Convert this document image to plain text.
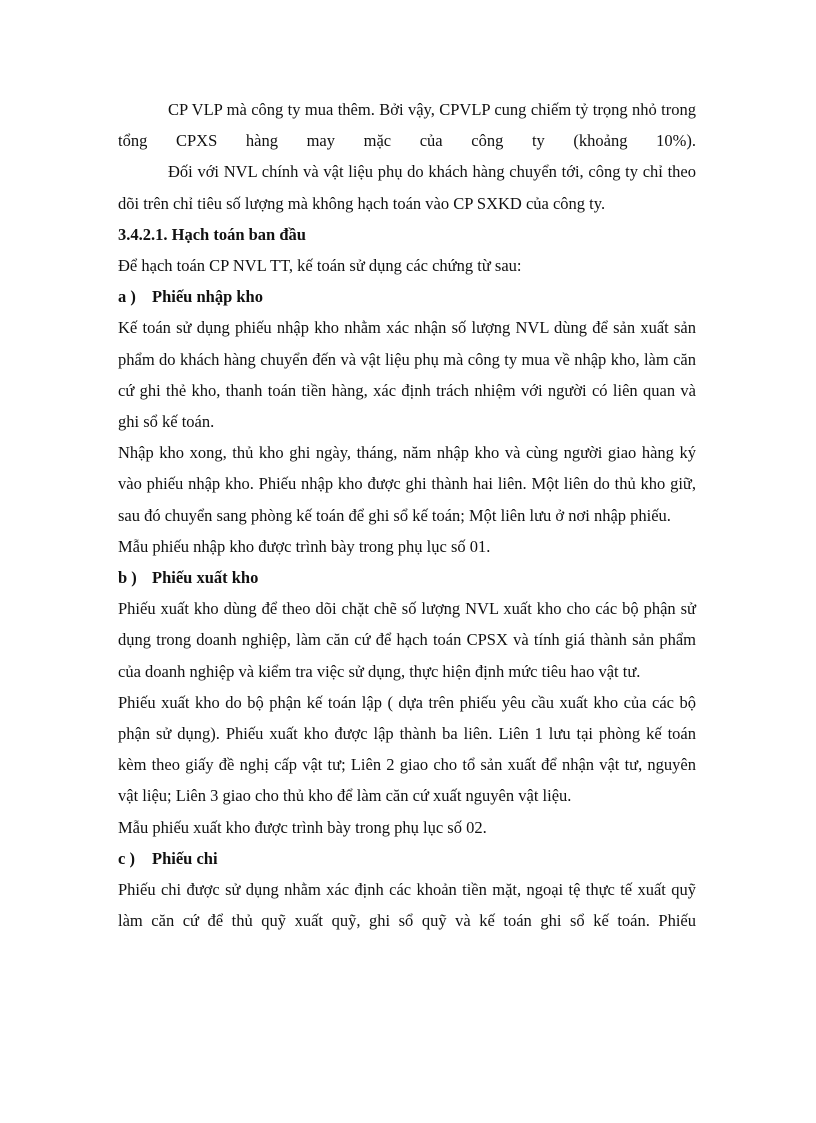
CP VLP mà công ty mua thêm. Bởi vậy, CPVLP cung chiếm tỷ trọng nhỏ trong tổng CPXS hàng may mặc của công ty (khoảng 10%).

Đối với NVL chính và vật liệu phụ do khách hàng chuyển tới, công ty chỉ theo dõi trên chỉ tiêu số lượng mà không hạch toán vào CP SXKD của công ty.

3.4.2.1. Hạch toán ban đầu

Để hạch toán CP NVL TT, kế toán sử dụng các chứng từ sau:

a ) Phiếu nhập kho

Kế toán sử dụng phiếu nhập kho nhằm xác nhận số lượng NVL dùng để sản xuất sản phẩm do khách hàng chuyển đến và vật liệu phụ mà công ty mua về nhập kho, làm căn cứ ghi thẻ kho, thanh toán tiền hàng, xác định trách nhiệm với người có liên quan và ghi sổ kế toán.

Nhập kho xong, thủ kho ghi ngày, tháng, năm nhập kho và cùng người giao hàng ký vào phiếu nhập kho. Phiếu nhập kho được ghi thành hai liên. Một liên do thủ kho giữ, sau đó chuyển sang phòng kế toán để ghi sổ kế toán; Một liên lưu ở nơi nhập phiếu.

Mẫu phiếu nhập kho được trình bày trong phụ lục số 01.

b ) Phiếu xuất kho

Phiếu xuất kho dùng để theo dõi chặt chẽ số lượng NVL xuất kho cho các bộ phận sử dụng trong doanh nghiệp, làm căn cứ để hạch toán CPSX và tính giá thành sản phẩm của doanh nghiệp và kiểm tra việc sử dụng, thực hiện định mức tiêu hao vật tư.

Phiếu xuất kho do bộ phận kế toán lập ( dựa trên phiếu yêu cầu xuất kho của các bộ phận sử dụng). Phiếu xuất kho được lập thành ba liên. Liên 1 lưu tại phòng kế toán kèm theo giấy đề nghị cấp vật tư; Liên 2 giao cho tổ sản xuất để nhận vật tư, nguyên vật liệu; Liên 3 giao cho thủ kho để làm căn cứ xuất nguyên vật liệu.

Mẫu phiếu xuất kho được trình bày trong phụ lục số 02.

c ) Phiếu chi

Phiếu chi được sử dụng nhằm xác định các khoản tiền mặt, ngoại tệ thực tế xuất quỹ làm căn cứ để thủ quỹ xuất quỹ, ghi sổ quỹ và kế toán ghi sổ kế toán. Phiếu
